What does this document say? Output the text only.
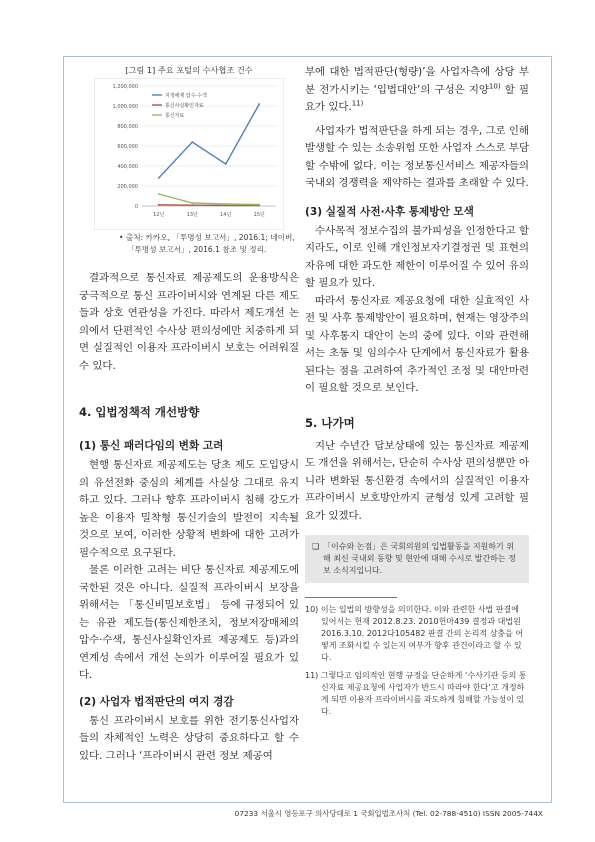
[그림 1] 주요 포털의 수사협조 건수
0
200,000
400,000
600,000
800,000
1,000,000
1,200,000
12년	13년	14년	15년
지정해제 압수·수색
통신사실확인자료
통신자료
• 출처: 카카오, 「투명성 보고서」, 2016.1; 네이버,
「투명성 보고서」, 2016.1 참조 및 정리.

결과적으로 통신자료 제공제도의 운용방식은 궁극적으로 통신 프라이버시와 연계된 다른 제도들과 상호 연관성을 가진다. 따라서 제도개선 논의에서 단편적인 수사상 편의성에만 치중하게 되면 실질적인 이용자 프라이버시 보호는 어려워질 수 있다.

4. 입법정책적 개선방향
(1) 통신 패러다임의 변화 고려

현행 통신자료 제공제도는 당초 제도 도입당시의 유선전화 중심의 체계를 사실상 그대로 유지하고 있다. 그러나 향후 프라이버시 침해 강도가 높은 이용자 밀착형 통신기술의 발전이 지속될 것으로 보여, 이러한 상황적 변화에 대한 고려가 필수적으로 요구된다.

물론 이러한 고려는 비단 통신자료 제공제도에 국한된 것은 아니다. 실질적 프라이버시 보장을 위해서는 「통신비밀보호법」 등에 규정되어 있는 유관 제도들(통신제한조치, 정보저장매체의 압수·수색, 통신사실확인자료 제공제도 등)과의 연계성 속에서 개선 논의가 이루어질 필요가 있다.

(2) 사업자 법적판단의 여지 경감

통신 프라이버시 보호를 위한 전기통신사업자들의 자체적인 노력은 상당히 중요하다고 할 수 있다. 그러나 ‘프라이버시 관련 정보 제공여

부에 대한 법적판단(형량)’을 사업자측에 상당 부분 전가시키는 ‘입법대안’의 구성은 지양$^{10)}$ 할 필요가 있다.$^{11)}$

사업자가 법적판단을 하게 되는 경우, 그로 인해 발생할 수 있는 소송위험 또한 사업자 스스로 부담할 수밖에 없다. 이는 정보통신서비스 제공자들의 국내외 경쟁력을 제약하는 결과를 초래할 수 있다.

(3) 실질적 사전·사후 통제방안 모색

수사목적 정보수집의 불가피성을 인정한다고 할지라도, 이로 인해 개인정보자기결정권 및 표현의 자유에 대한 과도한 제한이 이루어질 수 있어 유의할 필요가 있다.

따라서 통신자료 제공요청에 대한 실효적인 사전 및 사후 통제방안이 필요하며, 현재는 영장주의 및 사후통지 대안이 논의 중에 있다. 이와 관련해서는 초동 및 임의수사 단계에서 통신자료가 활용된다는 점을 고려하여 추가적인 조정 및 대안마련이 필요할 것으로 보인다.

5. 나가며

지난 수년간 답보상태에 있는 통신자료 제공제도 개선을 위해서는, 단순히 수사상 편의성뿐만 아니라 변화된 통신환경 속에서의 실질적인 이용자 프라이버시 보호방안까지 균형성 있게 고려할 필요가 있겠다.

❑ 「이슈와 논점」은 국회의원의 입법활동을 지원하기 위해 최신 국내외 동향 및 현안에 대해 수시로 발간하는 정보 소식지입니다.

10) 이는 입법의 방향성을 의미한다. 이와 관련한 사법 판결에 있어서는 헌재 2012.8.23. 2010헌마439 결정과 대법원 2016.3.10. 2012다105482 판결 간의 논리적 상충을 어떻게 조화시킬 수 있는지 여부가 향후 관건이라고 할 수 있다.

11) 그렇다고 임의적인 현행 규정을 단순하게 ‘수사기관 등의 통신자료 제공요청에 사업자가 반드시 따라야 한다’고 개정하게 되면 이용자 프라이버시를 과도하게 침해할 가능성이 있다.

07233 서울시 영등포구 의사당대로 1 국회입법조사처 (Tel. 02-788-4510) ISSN 2005-744X
